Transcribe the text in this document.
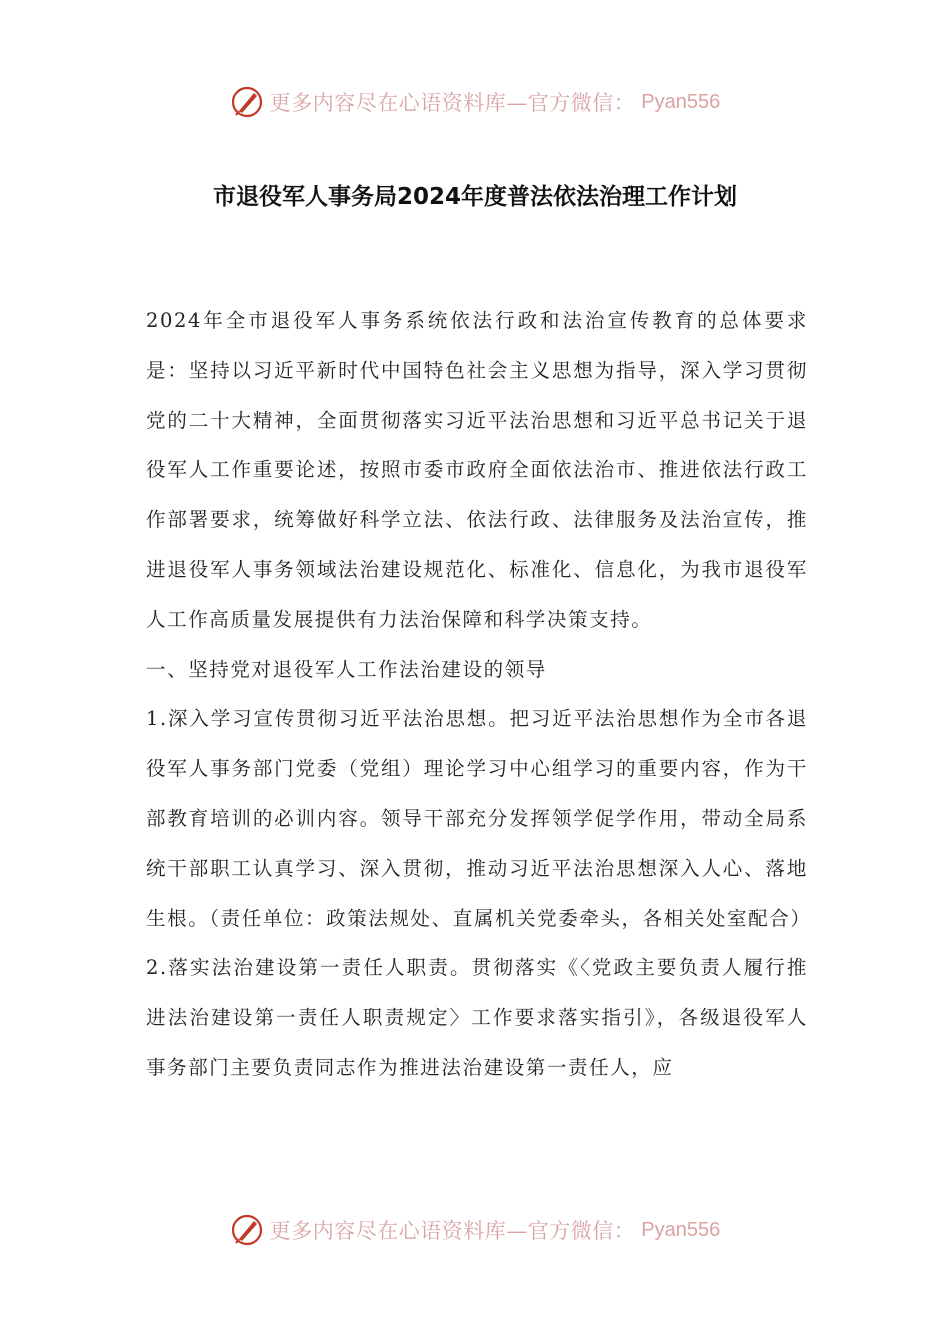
更多内容尽在心语资料库—官方微信： Pyan556
市退役军人事务局2024年度普法依法治理工作计划

2024年全市退役军人事务系统依法行政和法治宣传教育的总体要求是：坚持以习近平新时代中国特色社会主义思想为指导，深入学习贯彻党的二十大精神，全面贯彻落实习近平法治思想和习近平总书记关于退役军人工作重要论述，按照市委市政府全面依法治市、推进依法行政工作部署要求，统筹做好科学立法、依法行政、法律服务及法治宣传，推进退役军人事务领域法治建设规范化、标准化、信息化，为我市退役军人工作高质量发展提供有力法治保障和科学决策支持。

一、坚持党对退役军人工作法治建设的领导

1.深入学习宣传贯彻习近平法治思想。把习近平法治思想作为全市各退役军人事务部门党委（党组）理论学习中心组学习的重要内容，作为干部教育培训的必训内容。领导干部充分发挥领学促学作用，带动全局系统干部职工认真学习、深入贯彻，推动习近平法治思想深入人心、落地生根。（责任单位：政策法规处、直属机关党委牵头，各相关处室配合）

2.落实法治建设第一责任人职责。贯彻落实《〈党政主要负责人履行推进法治建设第一责任人职责规定〉工作要求落实指引》，各级退役军人事务部门主要负责同志作为推进法治建设第一责任人，应

更多内容尽在心语资料库—官方微信： Pyan556
